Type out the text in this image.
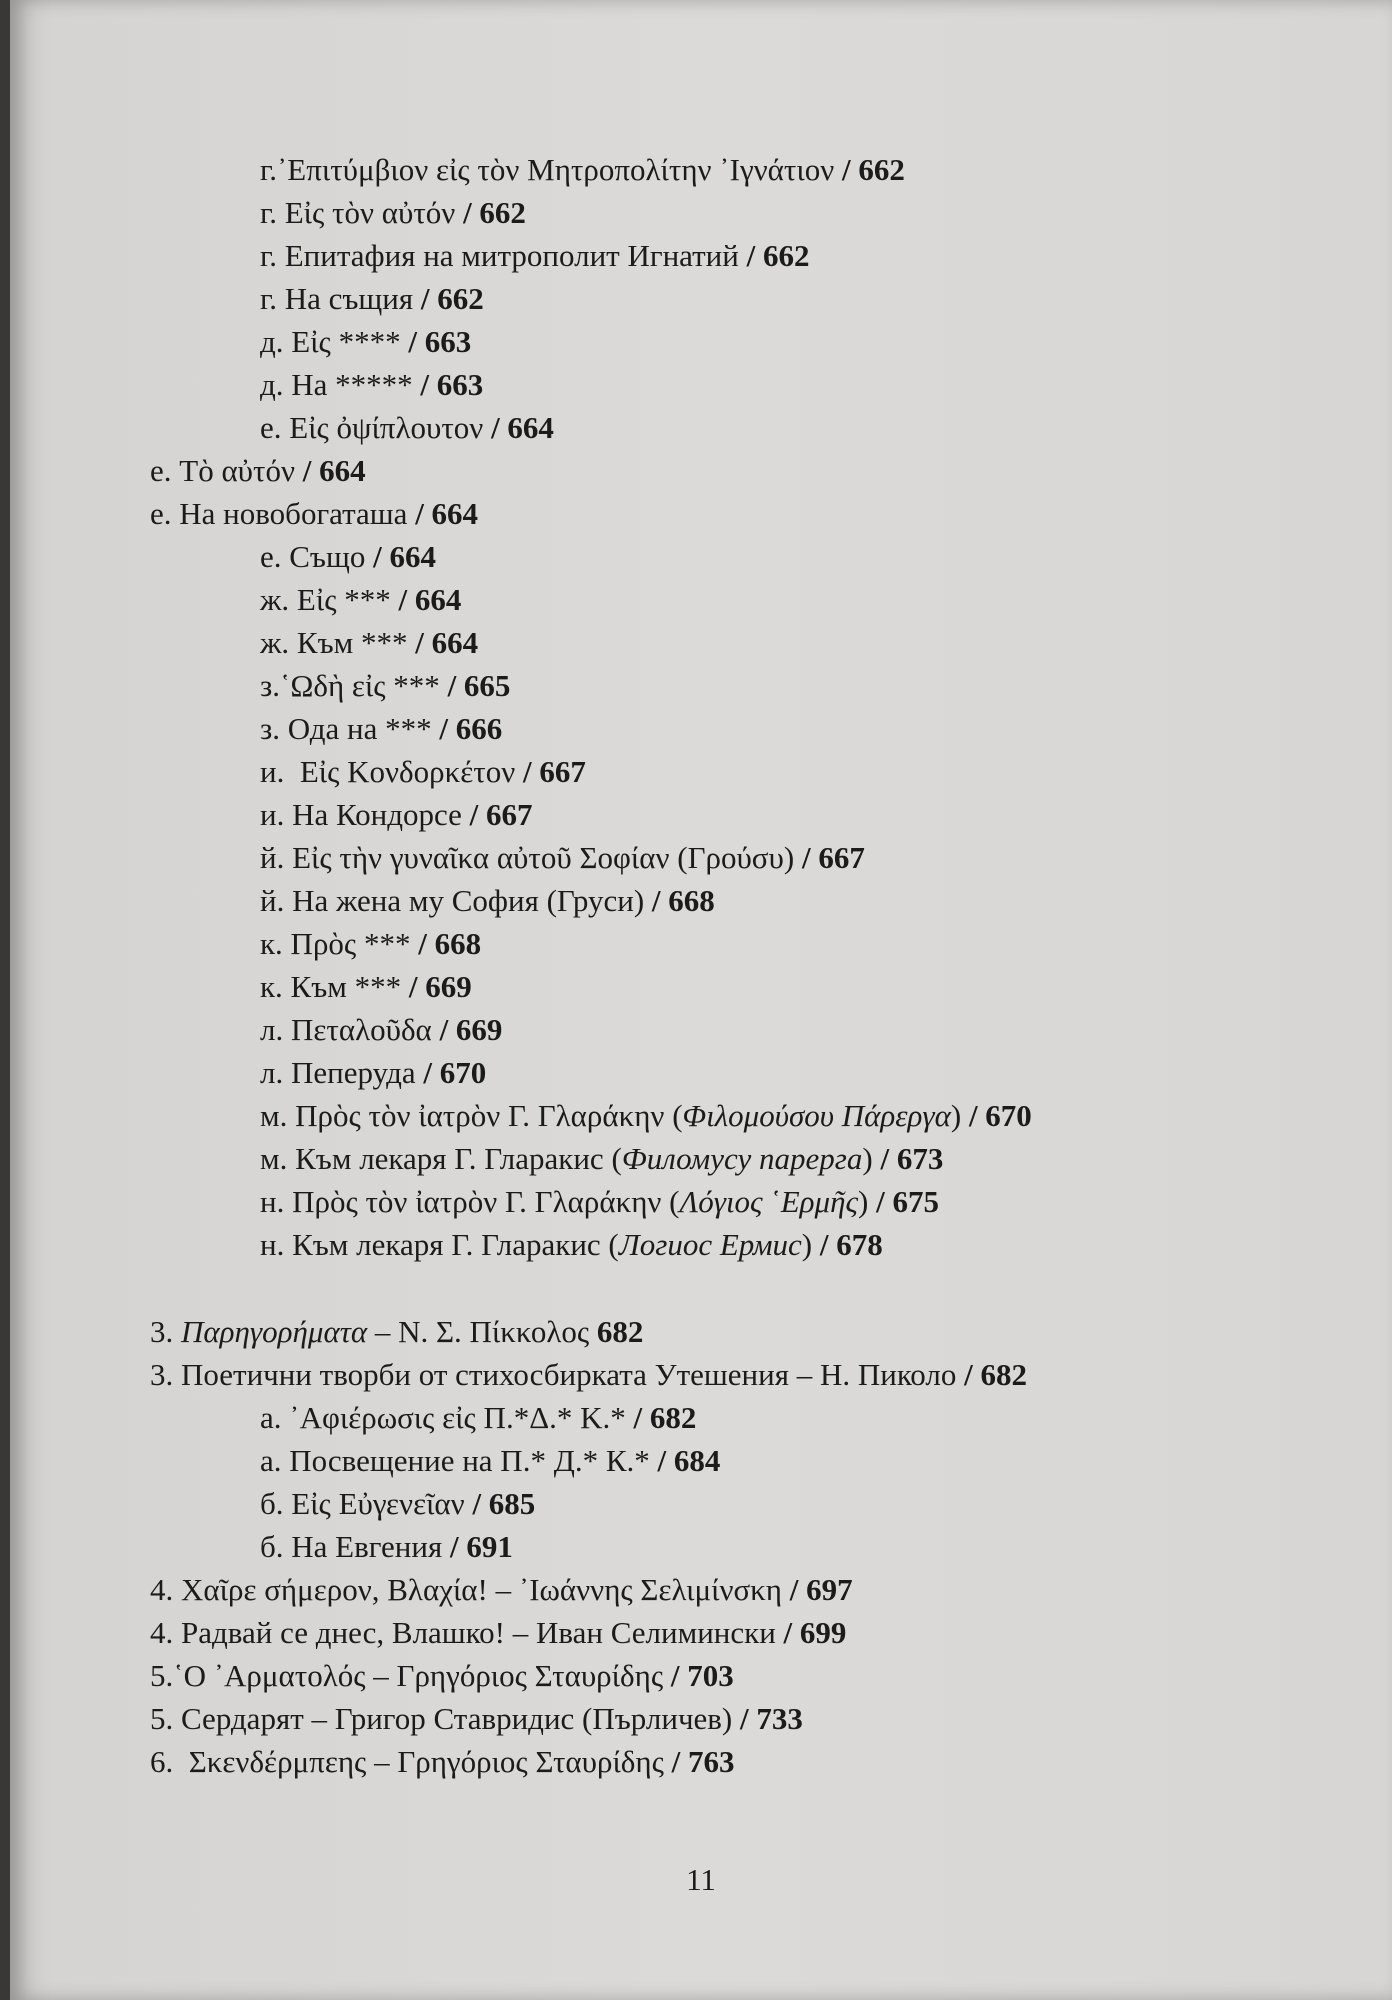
г.᾿Επιτύμβιον εἰς τὸν Μητροπολίτην ᾿Ιγνάτιον / 662
г. Εἰς τὸν αὐτόν / 662
г. Епитафия на митрополит Игнатий / 662
г. На същия / 662
д. Εἰς **** / 663
д. На ***** / 663
е. Εἰς ὀψίπλουτον / 664
е. Τὸ αὐτόν / 664
е. На новобогаташа / 664
е. Също / 664
ж. Εἰς *** / 664
ж. Към *** / 664
з.῾Ωδὴ εἰς *** / 665
з. Ода на *** / 666
и.  Εἰς Κονδορκέτον / 667
и. На Кондорсе / 667
й. Εἰς τὴν γυναῖκα αὐτοῦ Σοφίαν (Γρούσυ) / 667
й. На жена му София (Груси) / 668
к. Πρὸς *** / 668
к. Към *** / 669
л. Πεταλοῦδα / 669
л. Пеперуда / 670
м. Πρὸς τὸν ἰατρὸν Γ. Γλαράκην (Φιλομούσου Πάρεργα) / 670
м. Към лекаря Г. Гларакис (Филомусу парерга) / 673
н. Πρὸς τὸν ἰατρὸν Γ. Γλαράκην (Λόγιος ῾Ερμῆς) / 675
н. Към лекаря Г. Гларакис (Логиос Ермис) / 678
3. Παρηγορήματα – Ν. Σ. Πίκκολος 682
3. Поетични творби от стихосбирката Утешения – Н. Пиколо / 682
а. ᾿Αφιέρωσις εἰς Π.*Δ.* Κ.* / 682
а. Посвещение на П.* Д.* К.* / 684
б. Εἰς Εὐγενεῖαν / 685
б. На Евгения / 691
4. Χαῖρε σήμερον, Βλαχία! – ᾿Ιωάννης Σελιμίνσκη / 697
4. Радвай се днес, Влашко! – Иван Селимински / 699
5.῾Ο ᾿Αρματολός – Γρηγόριος Σταυρίδης / 703
5. Сердарят – Григор Ставридис (Пърличев) / 733
6.  Σκενδέρμπεης – Γρηγόριος Σταυρίδης / 763
11
